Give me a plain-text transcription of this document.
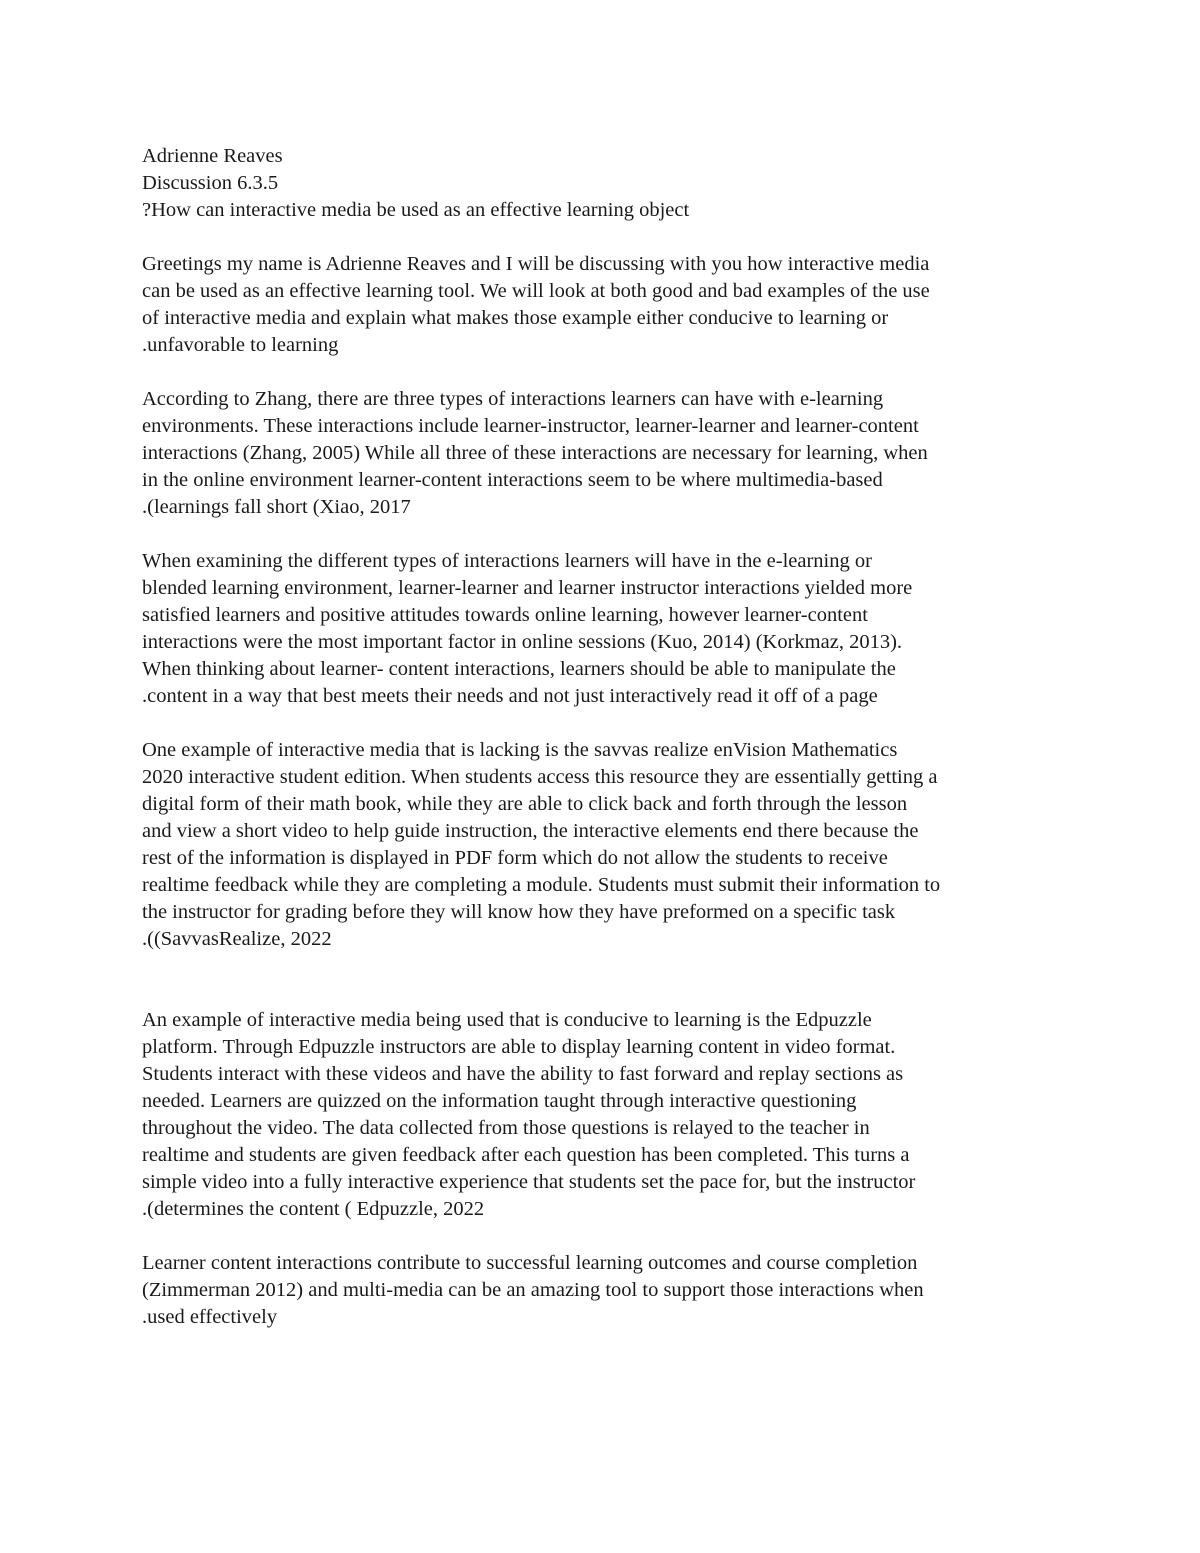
Adrienne Reaves
Discussion 6.3.5
?How can interactive media be used as an effective learning object
Greetings my name is Adrienne Reaves and I will be discussing with you how interactive media
can be used as an effective learning tool. We will look at both good and bad examples of the use
of interactive media and explain what makes those example either conducive to learning or
.unfavorable to learning
According to Zhang, there are three types of interactions learners can have with e-learning
environments. These interactions include learner-instructor, learner-learner and learner-content
interactions (Zhang, 2005) While all three of these interactions are necessary for learning, when
in the online environment learner-content interactions seem to be where multimedia-based
.(learnings fall short (Xiao, 2017
When examining the different types of interactions learners will have in the e-learning or
blended learning environment, learner-learner and learner instructor interactions yielded more
satisfied learners and positive attitudes towards online learning, however learner-content
interactions were the most important factor in online sessions (Kuo, 2014) (Korkmaz, 2013).
When thinking about learner- content interactions, learners should be able to manipulate the
.content in a way that best meets their needs and not just interactively read it off of a page
One example of interactive media that is lacking is the savvas realize enVision Mathematics
2020 interactive student edition. When students access this resource they are essentially getting a
digital form of their math book, while they are able to click back and forth through the lesson
and view a short video to help guide instruction, the interactive elements end there because the
rest of the information is displayed in PDF form which do not allow the students to receive
realtime feedback while they are completing a module. Students must submit their information to
the instructor for grading before they will know how they have preformed on a specific task
.((SavvasRealize, 2022
An example of interactive media being used that is conducive to learning is the Edpuzzle
platform. Through Edpuzzle instructors are able to display learning content in video format.
Students interact with these videos and have the ability to fast forward and replay sections as
needed. Learners are quizzed on the information taught through interactive questioning
throughout the video. The data collected from those questions is relayed to the teacher in
realtime and students are given feedback after each question has been completed. This turns a
simple video into a fully interactive experience that students set the pace for, but the instructor
.(determines the content ( Edpuzzle, 2022
Learner content interactions contribute to successful learning outcomes and course completion
(Zimmerman 2012) and multi-media can be an amazing tool to support those interactions when
.used effectively
